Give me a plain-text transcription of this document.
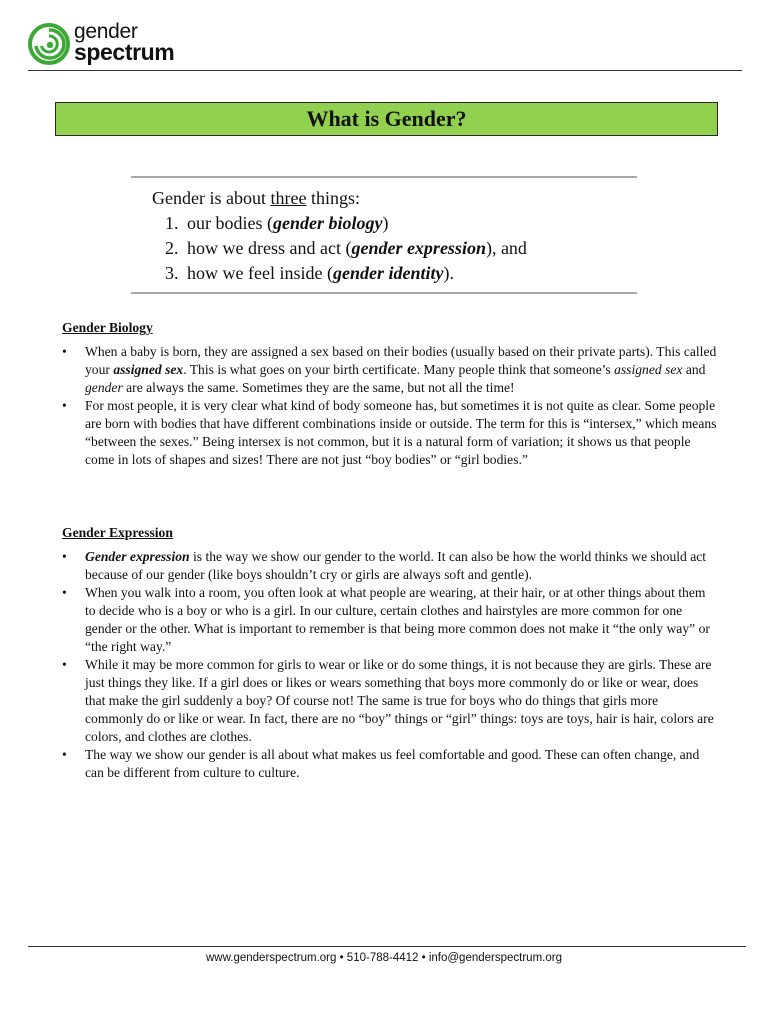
gender
spectrum
What is Gender?
Gender is about three things:
1. our bodies (gender biology)
2. how we dress and act (gender expression), and
3. how we feel inside (gender identity).
Gender Biology
•	When a baby is born, they are assigned a sex based on their bodies (usually based on their private parts). This called your assigned sex. This is what goes on your birth certificate. Many people think that someone’s assigned sex and gender are always the same. Sometimes they are the same, but not all the time!
•	For most people, it is very clear what kind of body someone has, but sometimes it is not quite as clear. Some people are born with bodies that have different combinations inside or outside. The term for this is “intersex,” which means “between the sexes.” Being intersex is not common, but it is a natural form of variation; it shows us that people come in lots of shapes and sizes! There are not just “boy bodies” or “girl bodies.”
Gender Expression
•	Gender expression is the way we show our gender to the world. It can also be how the world thinks we should act because of our gender (like boys shouldn’t cry or girls are always soft and gentle).
•	When you walk into a room, you often look at what people are wearing, at their hair, or at other things about them to decide who is a boy or who is a girl. In our culture, certain clothes and hairstyles are more common for one gender or the other. What is important to remember is that being more common does not make it “the only way” or “the right way.”
•	While it may be more common for girls to wear or like or do some things, it is not because they are girls. These are just things they like. If a girl does or likes or wears something that boys more commonly do or like or wear, does that make the girl suddenly a boy? Of course not! The same is true for boys who do things that girls more commonly do or like or wear. In fact, there are no “boy” things or “girl” things: toys are toys, hair is hair, colors are colors, and clothes are clothes.
•	The way we show our gender is all about what makes us feel comfortable and good. These can often change, and can be different from culture to culture.
www.genderspectrum.org • 510-788-4412 • info@genderspectrum.org
